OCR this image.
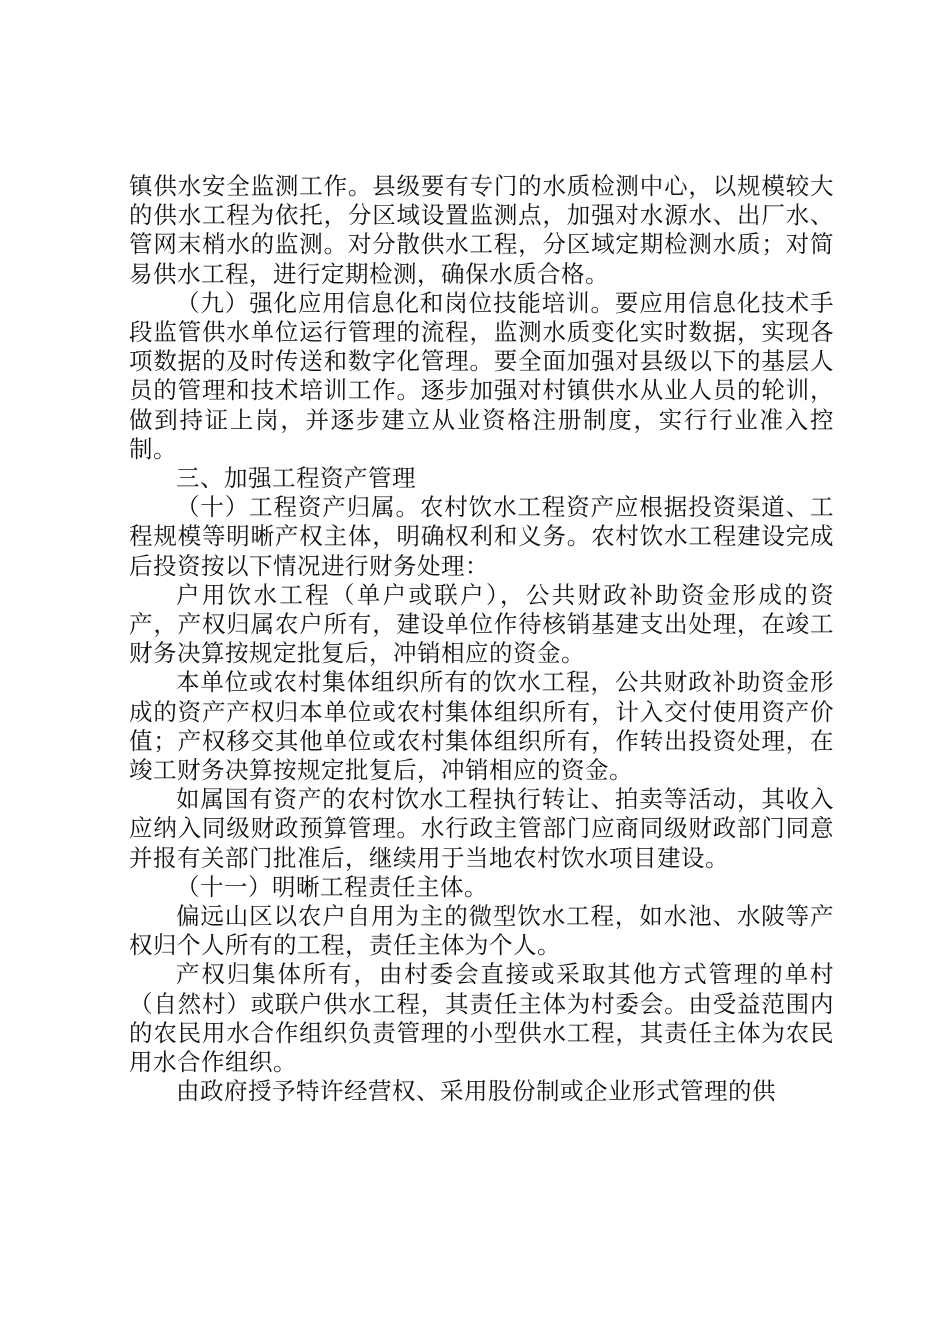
镇供水安全监测工作。县级要有专门的水质检测中心，以规模较大的供水工程为依托，分区域设置监测点，加强对水源水、出厂水、管网末梢水的监测。对分散供水工程，分区域定期检测水质；对简易供水工程，进行定期检测，确保水质合格。

（九）强化应用信息化和岗位技能培训。要应用信息化技术手段监管供水单位运行管理的流程，监测水质变化实时数据，实现各项数据的及时传送和数字化管理。要全面加强对县级以下的基层人员的管理和技术培训工作。逐步加强对村镇供水从业人员的轮训，做到持证上岗，并逐步建立从业资格注册制度，实行行业准入控制。

三、加强工程资产管理

（十）工程资产归属。农村饮水工程资产应根据投资渠道、工程规模等明晰产权主体，明确权利和义务。农村饮水工程建设完成后投资按以下情况进行财务处理：

户用饮水工程（单户或联户），公共财政补助资金形成的资产，产权归属农户所有，建设单位作待核销基建支出处理，在竣工财务决算按规定批复后，冲销相应的资金。

本单位或农村集体组织所有的饮水工程，公共财政补助资金形成的资产产权归本单位或农村集体组织所有，计入交付使用资产价值；产权移交其他单位或农村集体组织所有，作转出投资处理，在竣工财务决算按规定批复后，冲销相应的资金。

如属国有资产的农村饮水工程执行转让、拍卖等活动，其收入应纳入同级财政预算管理。水行政主管部门应商同级财政部门同意并报有关部门批准后，继续用于当地农村饮水项目建设。

（十一）明晰工程责任主体。

偏远山区以农户自用为主的微型饮水工程，如水池、水陂等产权归个人所有的工程，责任主体为个人。

产权归集体所有，由村委会直接或采取其他方式管理的单村（自然村）或联户供水工程，其责任主体为村委会。由受益范围内的农民用水合作组织负责管理的小型供水工程，其责任主体为农民用水合作组织。

由政府授予特许经营权、采用股份制或企业形式管理的供
